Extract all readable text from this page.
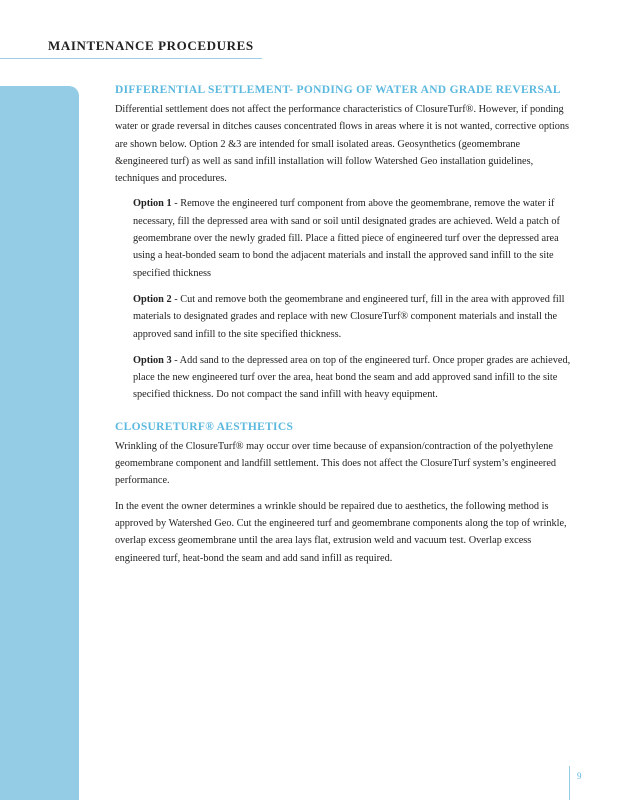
MAINTENANCE PROCEDURES
DIFFERENTIAL SETTLEMENT- PONDING OF WATER AND GRADE REVERSAL

Differential settlement does not affect the performance characteristics of ClosureTurf®. However, if ponding water or grade reversal in ditches causes concentrated flows in areas where it is not wanted, corrective options are shown below. Option 2 &3 are intended for small isolated areas. Geosynthetics (geomembrane &engineered turf) as well as sand infill installation will follow Watershed Geo installation guidelines, techniques and procedures.

Option 1 - Remove the engineered turf component from above the geomembrane, remove the water if necessary, fill the depressed area with sand or soil until designated grades are achieved. Weld a patch of geomembrane over the newly graded fill. Place a fitted piece of engineered turf over the depressed area using a heat-bonded seam to bond the adjacent materials and install the approved sand infill to the site specified thickness
Option 2 - Cut and remove both the geomembrane and engineered turf, fill in the area with approved fill materials to designated grades and replace with new ClosureTurf® component materials and install the approved sand infill to the site specified thickness.
Option 3 - Add sand to the depressed area on top of the engineered turf. Once proper grades are achieved, place the new engineered turf over the area, heat bond the seam and add approved sand infill to the site specified thickness. Do not compact the sand infill with heavy equipment.
CLOSURETURF® AESTHETICS

Wrinkling of the ClosureTurf® may occur over time because of expansion/contraction of the polyethylene geomembrane component and landfill settlement. This does not affect the ClosureTurf system’s engineered performance.

In the event the owner determines a wrinkle should be repaired due to aesthetics, the following method is approved by Watershed Geo. Cut the engineered turf and geomembrane components along the top of wrinkle, overlap excess geomembrane until the area lays flat, extrusion weld and vacuum test. Overlap excess engineered turf, heat-bond the seam and add sand infill as required.

9
